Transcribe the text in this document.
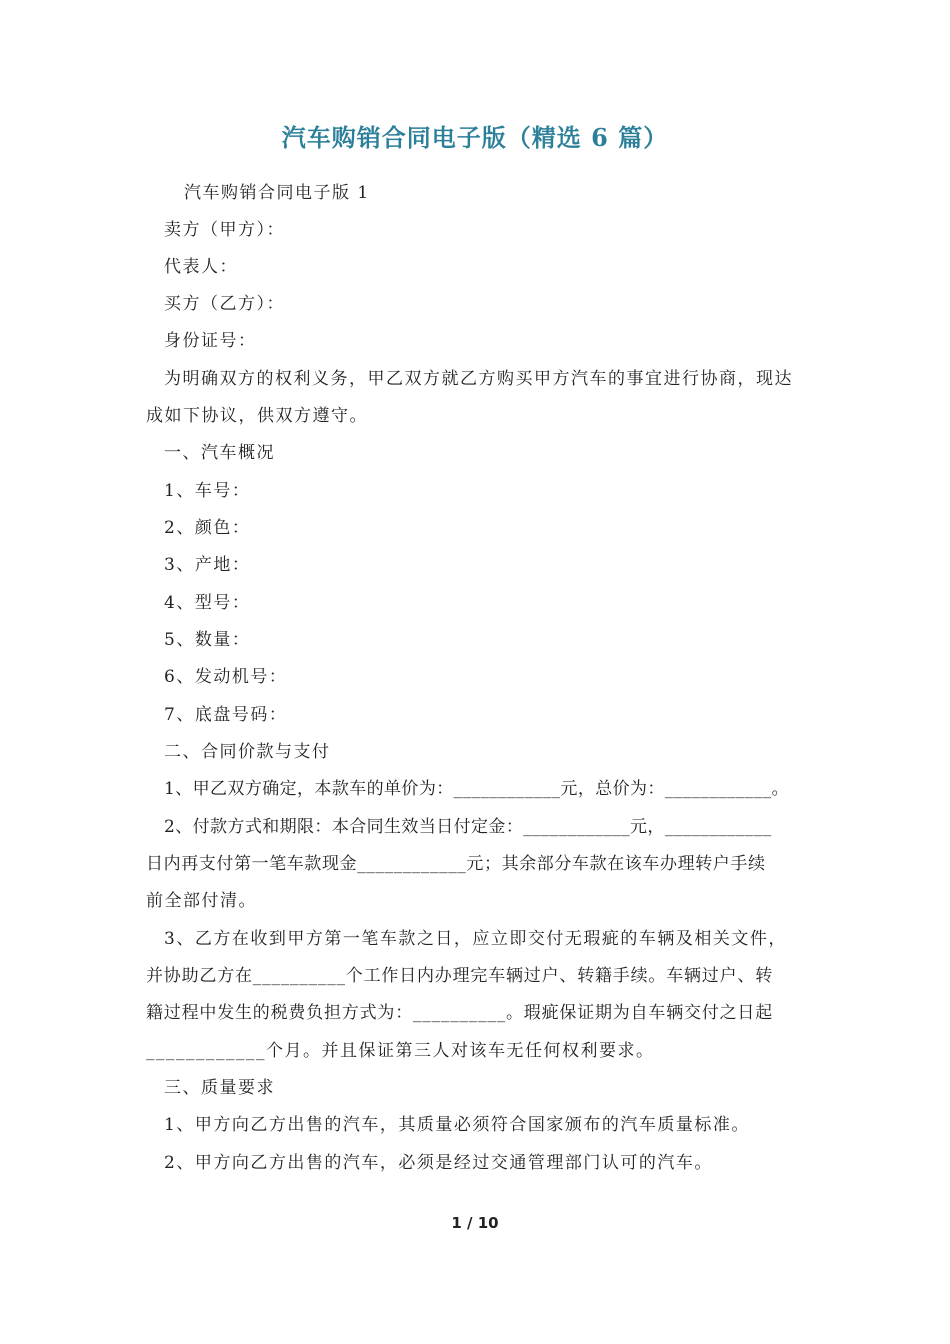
汽车购销合同电子版（精选 6 篇）
汽车购销合同电子版 1
卖方（甲方）：
代表人：
买方（乙方）：
身份证号：
为明确双方的权利义务，甲乙双方就乙方购买甲方汽车的事宜进行协商，现达
成如下协议，供双方遵守。
一、汽车概况
1、车号：
2、颜色：
3、产地：
4、型号：
5、数量：
6、发动机号：
7、底盘号码：
二、合同价款与支付
1、甲乙双方确定，本款车的单价为：____________元，总价为：____________。
2、付款方式和期限：本合同生效当日付定金：____________元，____________
日内再支付第一笔车款现金____________元；其余部分车款在该车办理转户手续
前全部付清。
3、乙方在收到甲方第一笔车款之日，应立即交付无瑕疵的车辆及相关文件，
并协助乙方在__________个工作日内办理完车辆过户、转籍手续。车辆过户、转
籍过程中发生的税费负担方式为：__________。瑕疵保证期为自车辆交付之日起
____________个月。并且保证第三人对该车无任何权利要求。
三、质量要求
1、甲方向乙方出售的汽车，其质量必须符合国家颁布的汽车质量标准。
2、甲方向乙方出售的汽车，必须是经过交通管理部门认可的汽车。
1 / 10
